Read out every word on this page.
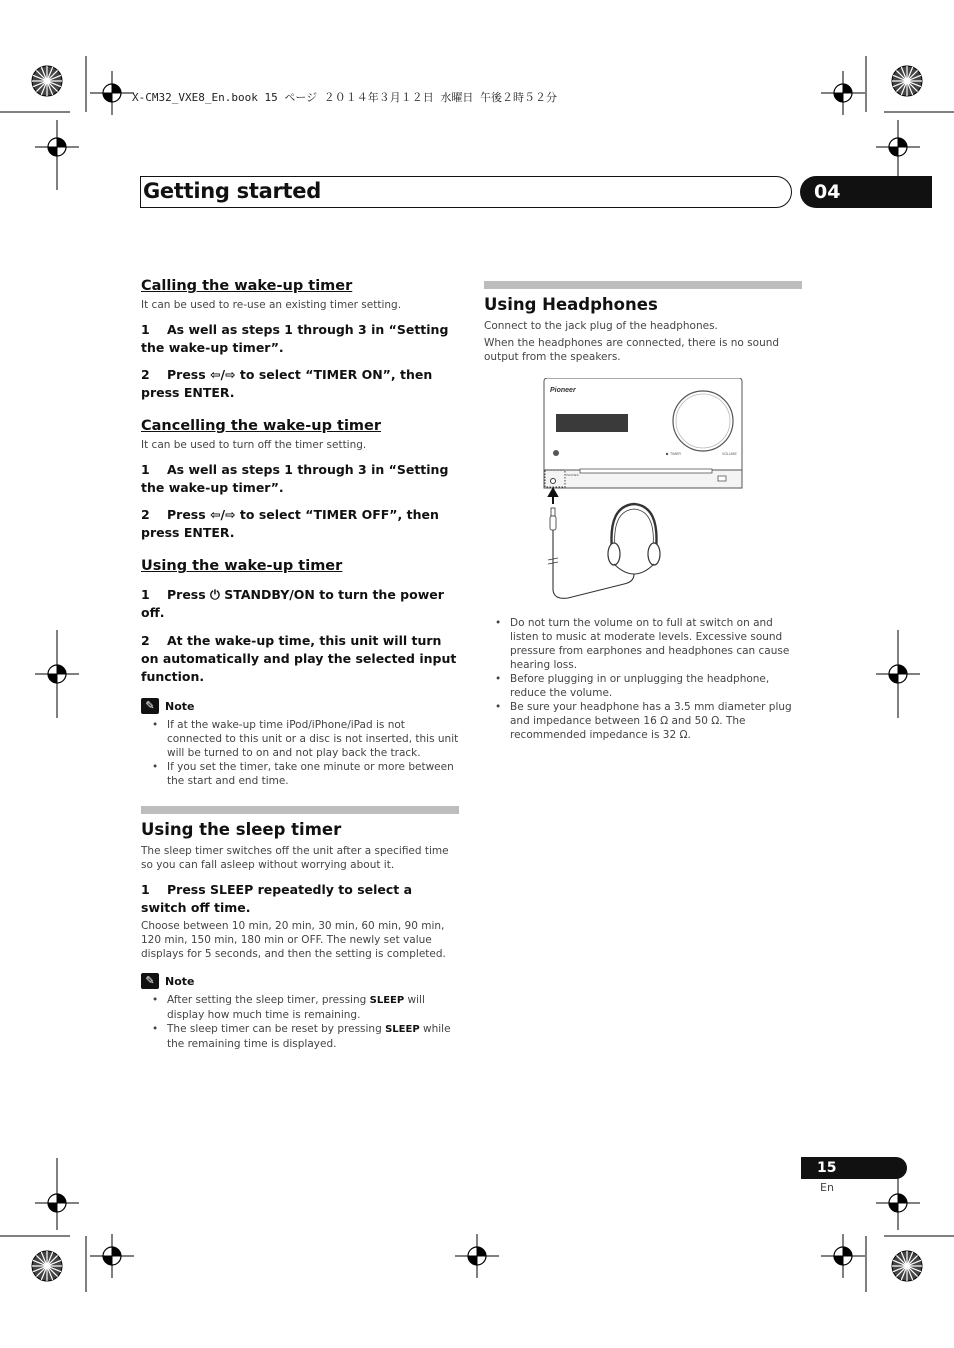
X-CM32_VXE8_En.book 15 ページ ２０１４年３月１２日 水曜日 午後２時５２分
Getting started	04
Calling the wake-up timer

It can be used to re-use an existing timer setting.

1 As well as steps 1 through 3 in “Setting the wake-up timer”.

2 Press ⇦/⇨ to select “TIMER ON”, then press ENTER.

Cancelling the wake-up timer

It can be used to turn off the timer setting.

1 As well as steps 1 through 3 in “Setting the wake-up timer”.

2 Press ⇦/⇨ to select “TIMER OFF”, then press ENTER.

Using the wake-up timer

1 Press ⏻ STANDBY/ON to turn the power off.

2 At the wake-up time, this unit will turn on automatically and play the selected input function.

✎ Note
• If at the wake-up time iPod/iPhone/iPad is not connected to this unit or a disc is not inserted, this unit will be turned to on and not play back the track.
• If you set the timer, take one minute or more between the start and end time.
Using the sleep timer

The sleep timer switches off the unit after a specified time so you can fall asleep without worrying about it.

1 Press SLEEP repeatedly to select a switch off time.

Choose between 10 min, 20 min, 30 min, 60 min, 90 min, 120 min, 150 min, 180 min or OFF. The newly set value displays for 5 seconds, and then the setting is completed.

✎ Note
• After setting the sleep timer, pressing SLEEP will display how much time is remaining.
• The sleep timer can be reset by pressing SLEEP while the remaining time is displayed.
Using Headphones

Connect to the jack plug of the headphones.

When the headphones are connected, there is no sound output from the speakers.

Pioneer
TIMER	VOLUME
PHONES
• Do not turn the volume on to full at switch on and listen to music at moderate levels. Excessive sound pressure from earphones and headphones can cause hearing loss.
• Before plugging in or unplugging the headphone, reduce the volume.
• Be sure your headphone has a 3.5 mm diameter plug and impedance between 16 Ω and 50 Ω. The recommended impedance is 32 Ω.
15
En
